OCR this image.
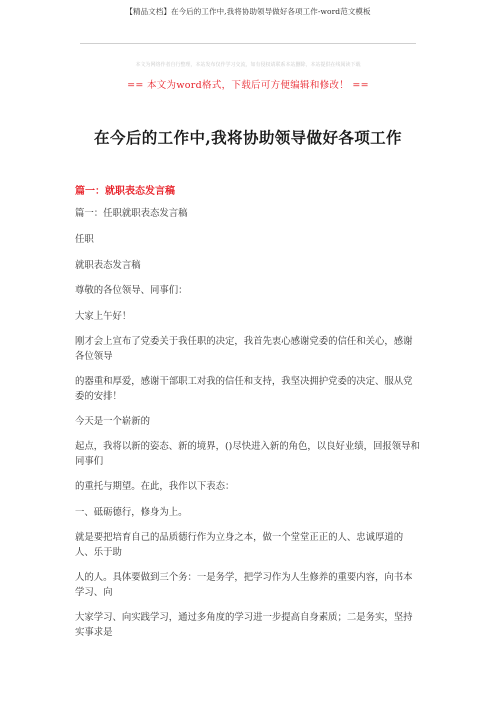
【精品文档】在今后的工作中,我将协助领导做好各项工作-word范文模板
本文为网络作者自行整理，本站发布仅作学习交流，如有侵权请联系本站删除，本站提供在线阅读下载
== 本文为word格式，下载后可方便编辑和修改！ ==
在今后的工作中,我将协助领导做好各项工作
篇一：就职表态发言稿
篇一：任职就职表态发言稿
任职
就职表态发言稿
尊敬的各位领导、同事们：
大家上午好！
刚才会上宣布了党委关于我任职的决定，我首先衷心感谢党委的信任和关心，感谢各位领导
的器重和厚爱，感谢干部职工对我的信任和支持，我坚决拥护党委的决定、服从党委的安排！
今天是一个崭新的
起点，我将以新的姿态、新的境界，()尽快进入新的角色，以良好业绩，回报领导和同事们
的重托与期望。在此，我作以下表态：
一、砥砺德行，修身为上。
就是要把培育自己的品质德行作为立身之本，做一个堂堂正正的人、忠诚厚道的人、乐于助
人的人。具体要做到三个务：一是务学，把学习作为人生修养的重要内容，向书本学习、向
大家学习、向实践学习，通过多角度的学习进一步提高自身素质；二是务实，坚持实事求是
